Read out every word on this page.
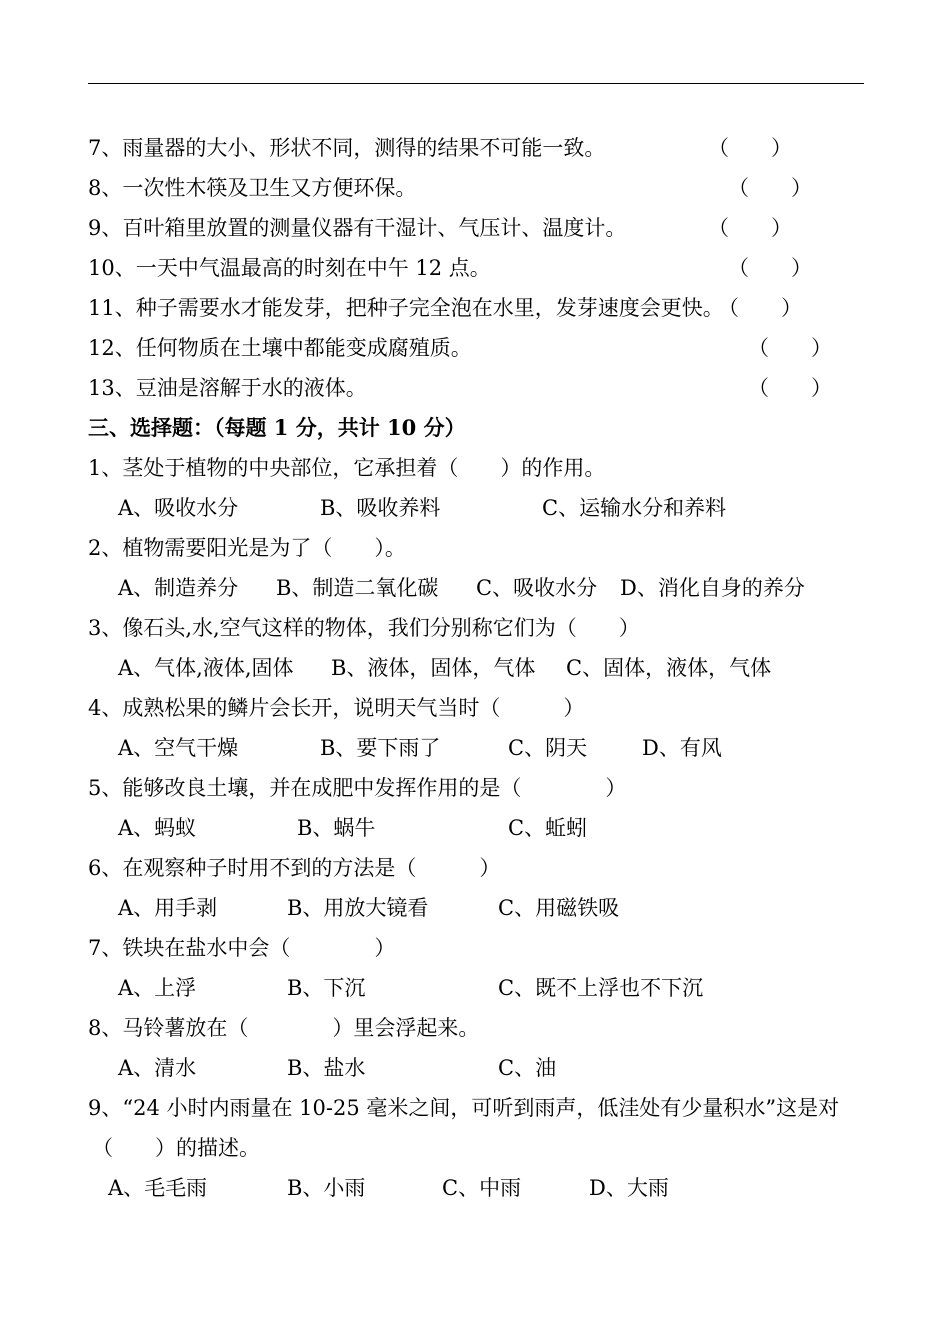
7、雨量器的大小、形状不同，测得的结果不可能一致。	（　　）
8、一次性木筷及卫生又方便环保。	（　　）
9、百叶箱里放置的测量仪器有干湿计、气压计、温度计。	（　　）
10、一天中气温最高的时刻在中午 12 点。	（　　）
11、种子需要水才能发芽，把种子完全泡在水里，发芽速度会更快。
（　　）
12、任何物质在土壤中都能变成腐殖质。	（　　）
13、豆油是溶解于水的液体。	（　　）
三、选择题：（每题 1 分，共计 10 分）
1、茎处于植物的中央部位，它承担着（　　）的作用。
A、吸收水分	B、吸收养料	C、运输水分和养料
2、植物需要阳光是为了（　　）。
A、制造养分 B、制造二氧化碳 C、吸收水分 D、消化自身的养分
3、像石头,水,空气这样的物体，我们分别称它们为（　　）
A、气体,液体,固体 B、液体，固体，气体 C、固体，液体，气体
4、成熟松果的鳞片会长开，说明天气当时（　　　）
A、空气干燥	B、要下雨了	C、阴天	D、有风
5、能够改良土壤，并在成肥中发挥作用的是（　　　　）
A、蚂蚁	B、蜗牛	C、蚯蚓
6、在观察种子时用不到的方法是（　　　）
A、用手剥	B、用放大镜看	C、用磁铁吸
7、铁块在盐水中会（　　　　）
A、上浮	B、下沉	C、既不上浮也不下沉
8、马铃薯放在（　　　　）里会浮起来。
A、清水	B、盐水	C、油
9、“24 小时内雨量在 10-25 毫米之间，可听到雨声，低洼处有少量积水”这是对
（　　）的描述。
A、毛毛雨	B、小雨	C、中雨	D、大雨
